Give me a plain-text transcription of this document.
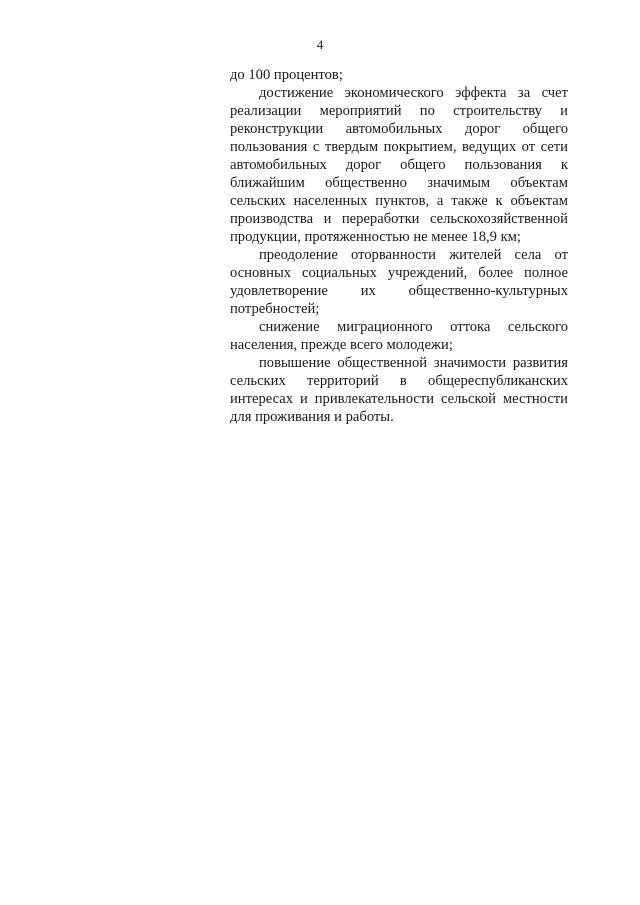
4

до 100 процентов;

достижение экономического эффекта за счет реализации мероприятий по строительству и реконструкции автомобильных дорог общего пользования с твердым покрытием, ведущих от сети автомобильных дорог общего пользования к ближайшим общественно значимым объектам сельских населенных пунктов, а также к объектам производства и переработки сельскохозяйственной продукции, протяженностью не менее 18,9 км;

преодоление оторванности жителей села от основных социальных учреждений, более полное удовлетворение их общественно-культурных потребностей;

снижение миграционного оттока сельского населения, прежде всего молодежи;

повышение общественной значимости развития сельских территорий в общереспубликанских интересах и привлекательности сельской местности для проживания и работы.
